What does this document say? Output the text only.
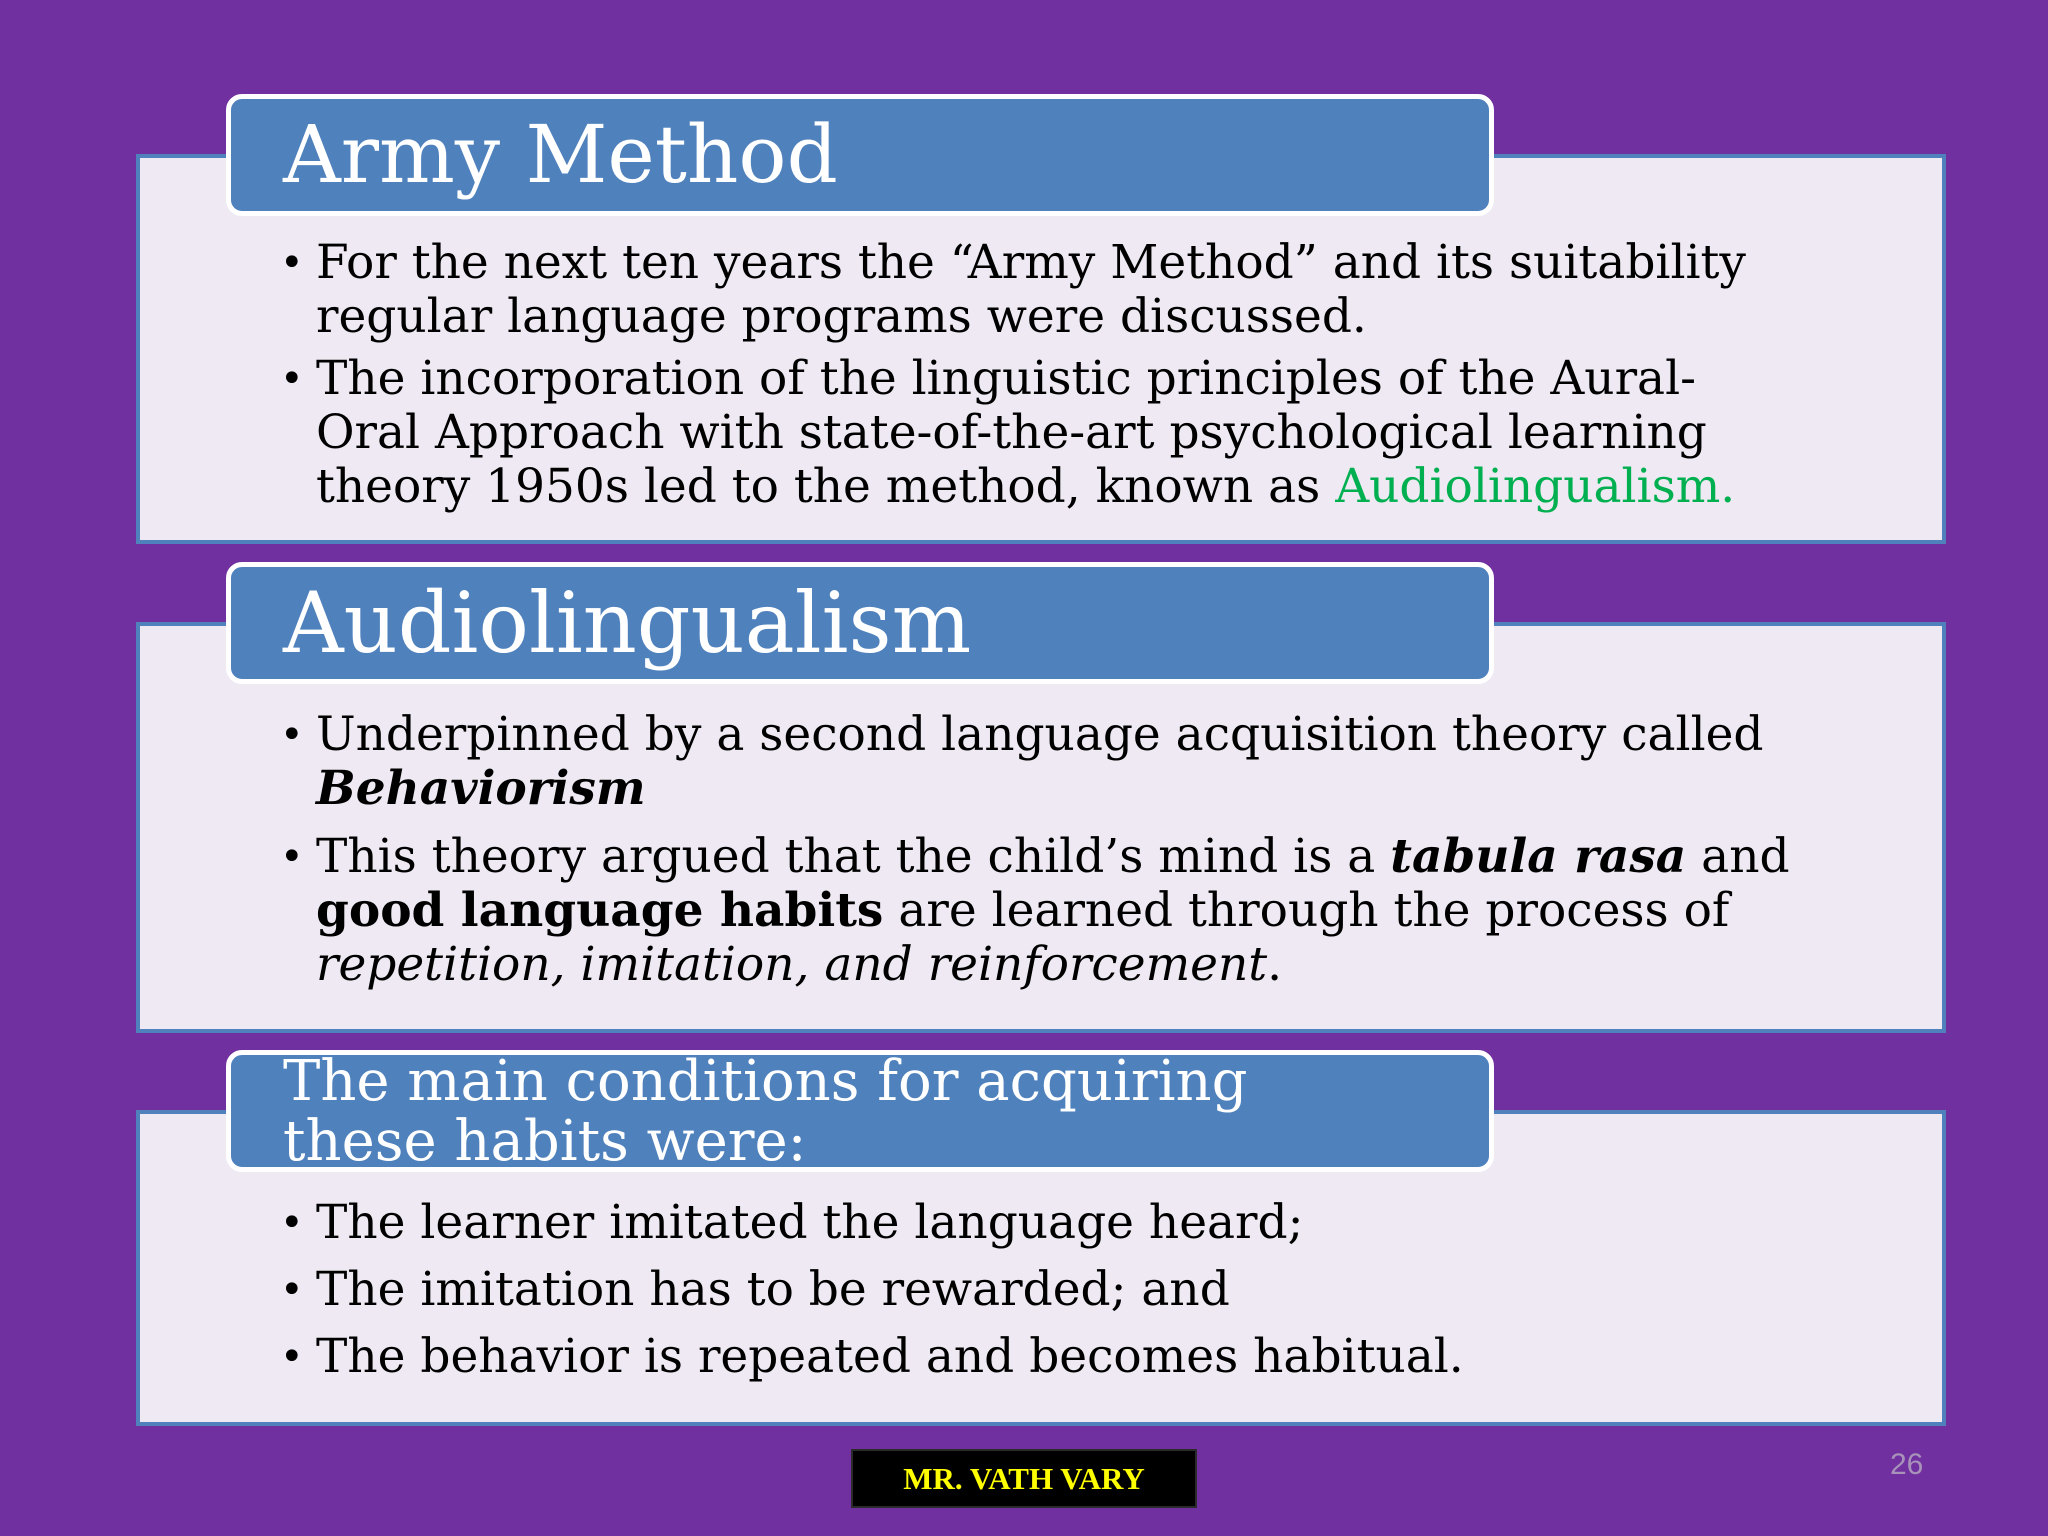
Army Method
• For the next ten years the “Army Method” and its suitability regular language programs were discussed.
• The incorporation of the linguistic principles of the Aural-Oral Approach with state-of-the-art psychological learning theory 1950s led to the method, known as Audiolingualism.
Audiolingualism
• Underpinned by a second language acquisition theory called Behaviorism
• This theory argued that the child’s mind is a tabula rasa and good language habits are learned through the process of repetition, imitation, and reinforcement.
The main conditions for acquiring these habits were:
• The learner imitated the language heard;
• The imitation has to be rewarded; and
• The behavior is repeated and becomes habitual.
MR. VATH VARY	26
